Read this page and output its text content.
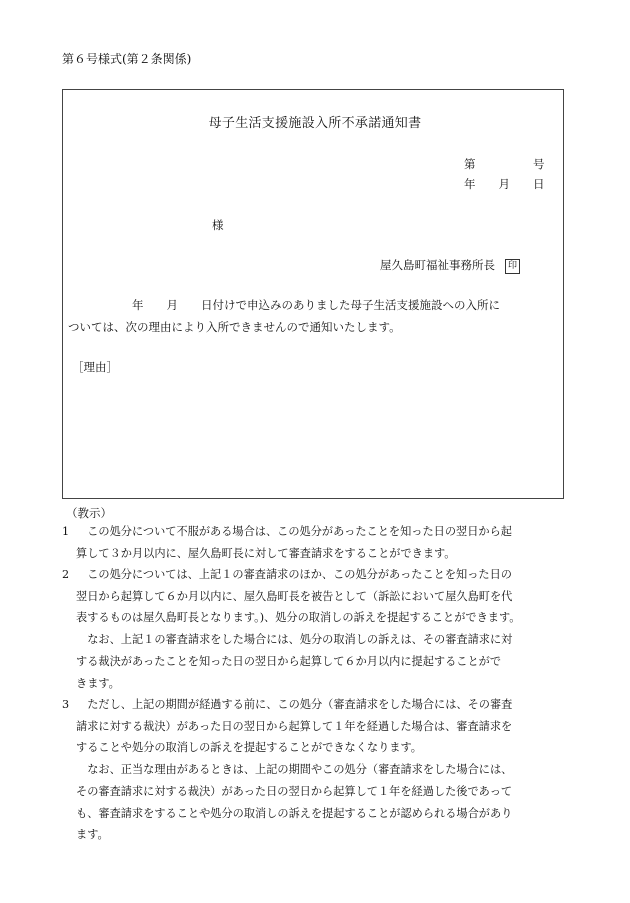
第６号様式(第２条関係)
母子生活支援施設入所不承諾通知書
第　　　　　号
年　　月　　日
様
屋久島町福祉事務所長 印
年　　月　　日付けで申込みのありました母子生活支援施設への入所に
ついては、次の理由により入所できませんので通知いたします。
［理由］
（教示）
1 　この処分について不服がある場合は、この処分があったことを知った日の翌日から起
算して３か月以内に、屋久島町長に対して審査請求をすることができます。
2 　この処分については、上記１の審査請求のほか、この処分があったことを知った日の
翌日から起算して６か月以内に、屋久島町長を被告として（訴訟において屋久島町を代
表するものは屋久島町長となります。)、処分の取消しの訴えを提起することができます。
　なお、上記１の審査請求をした場合には、処分の取消しの訴えは、その審査請求に対
する裁決があったことを知った日の翌日から起算して６か月以内に提起することがで
きます。
3 　ただし、上記の期間が経過する前に、この処分（審査請求をした場合には、その審査
請求に対する裁決）があった日の翌日から起算して１年を経過した場合は、審査請求を
することや処分の取消しの訴えを提起することができなくなります。
　なお、正当な理由があるときは、上記の期間やこの処分（審査請求をした場合には、
その審査請求に対する裁決）があった日の翌日から起算して１年を経過した後であって
も、審査請求をすることや処分の取消しの訴えを提起することが認められる場合があり
ます。
